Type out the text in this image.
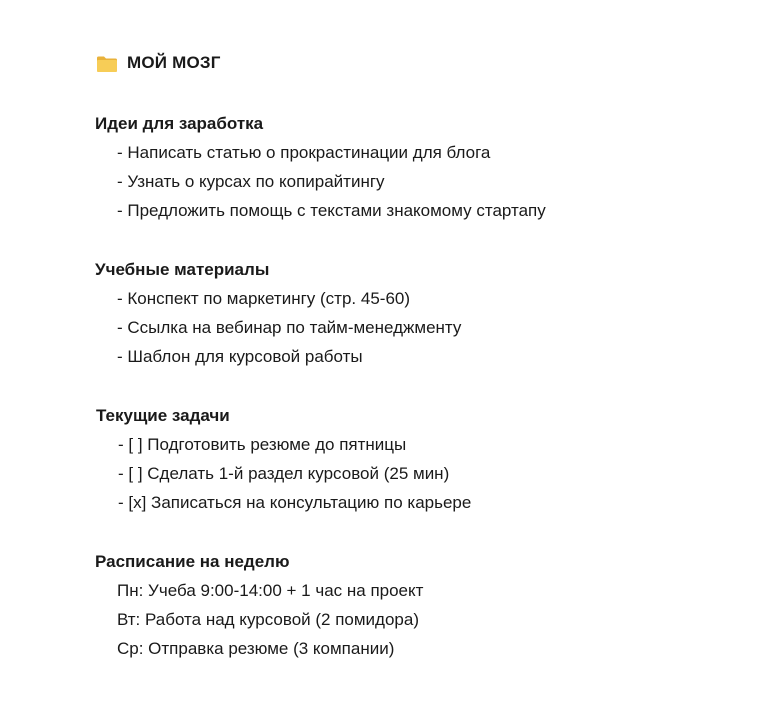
МОЙ МОЗГ
Идеи для заработка
- Написать статью о прокрастинации для блога
- Узнать о курсах по копирайтингу
- Предложить помощь с текстами знакомому стартапу
Учебные материалы
- Конспект по маркетингу (стр. 45-60)
- Ссылка на вебинар по тайм-менеджменту
- Шаблон для курсовой работы
Текущие задачи
- [ ] Подготовить резюме до пятницы
- [ ] Сделать 1-й раздел курсовой (25 мин)
- [x] Записаться на консультацию по карьере
Расписание на неделю
Пн: Учеба 9:00-14:00 + 1 час на проект
Вт: Работа над курсовой (2 помидора)
Ср: Отправка резюме (3 компании)
